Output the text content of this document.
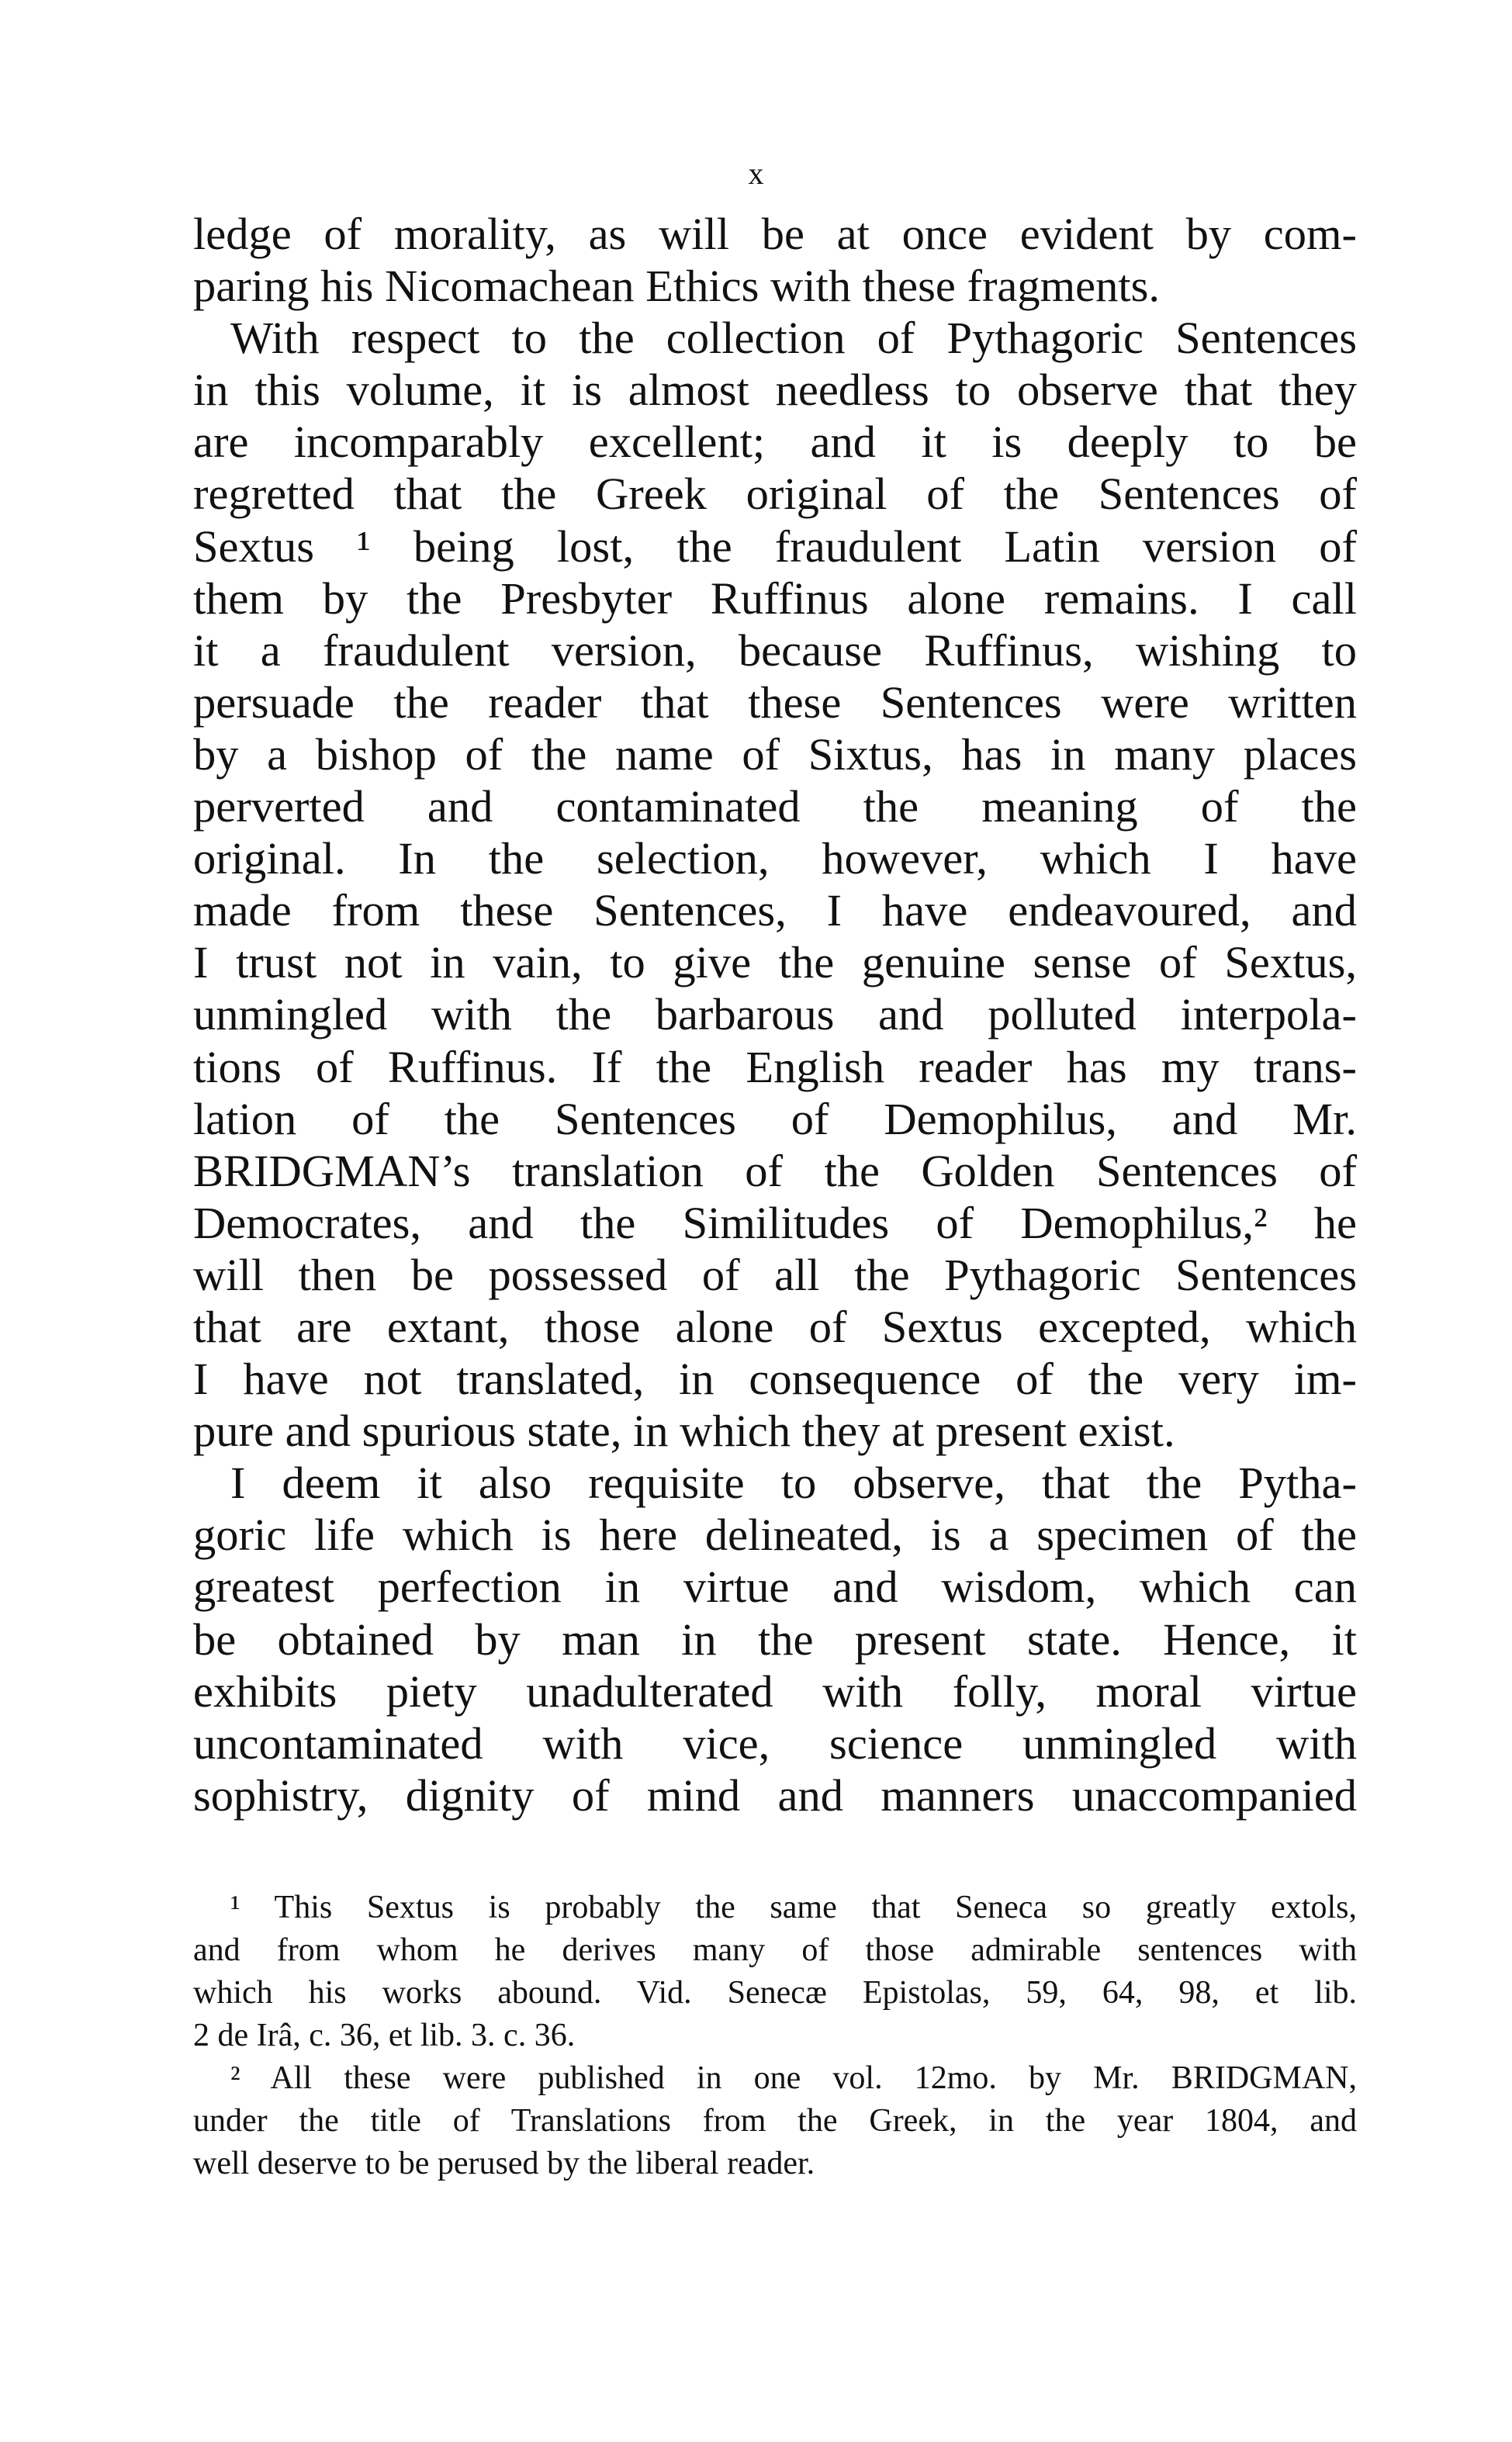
x
ledge of morality, as will be at once evident by com-
paring his Nicomachean Ethics with these fragments.
With respect to the collection of Pythagoric Sentences
in this volume, it is almost needless to observe that they
are incomparably excellent; and it is deeply to be
regretted that the Greek original of the Sentences of
Sextus ¹ being lost, the fraudulent Latin version of
them by the Presbyter Ruffinus alone remains. I call
it a fraudulent version, because Ruffinus, wishing to
persuade the reader that these Sentences were written
by a bishop of the name of Sixtus, has in many places
perverted and contaminated the meaning of the
original. In the selection, however, which I have
made from these Sentences, I have endeavoured, and
I trust not in vain, to give the genuine sense of Sextus,
unmingled with the barbarous and polluted interpola-
tions of Ruffinus. If the English reader has my trans-
lation of the Sentences of Demophilus, and Mr.
BRIDGMAN’s translation of the Golden Sentences of
Democrates, and the Similitudes of Demophilus,² he
will then be possessed of all the Pythagoric Sentences
that are extant, those alone of Sextus excepted, which
I have not translated, in consequence of the very im-
pure and spurious state, in which they at present exist.
I deem it also requisite to observe, that the Pytha-
goric life which is here delineated, is a specimen of the
greatest perfection in virtue and wisdom, which can
be obtained by man in the present state. Hence, it
exhibits piety unadulterated with folly, moral virtue
uncontaminated with vice, science unmingled with
sophistry, dignity of mind and manners unaccompanied
¹ This Sextus is probably the same that Seneca so greatly extols,
and from whom he derives many of those admirable sentences with
which his works abound. Vid. Senecæ Epistolas, 59, 64, 98, et lib.
2 de Irâ, c. 36, et lib. 3. c. 36.
² All these were published in one vol. 12mo. by Mr. BRIDGMAN,
under the title of Translations from the Greek, in the year 1804, and
well deserve to be perused by the liberal reader.
